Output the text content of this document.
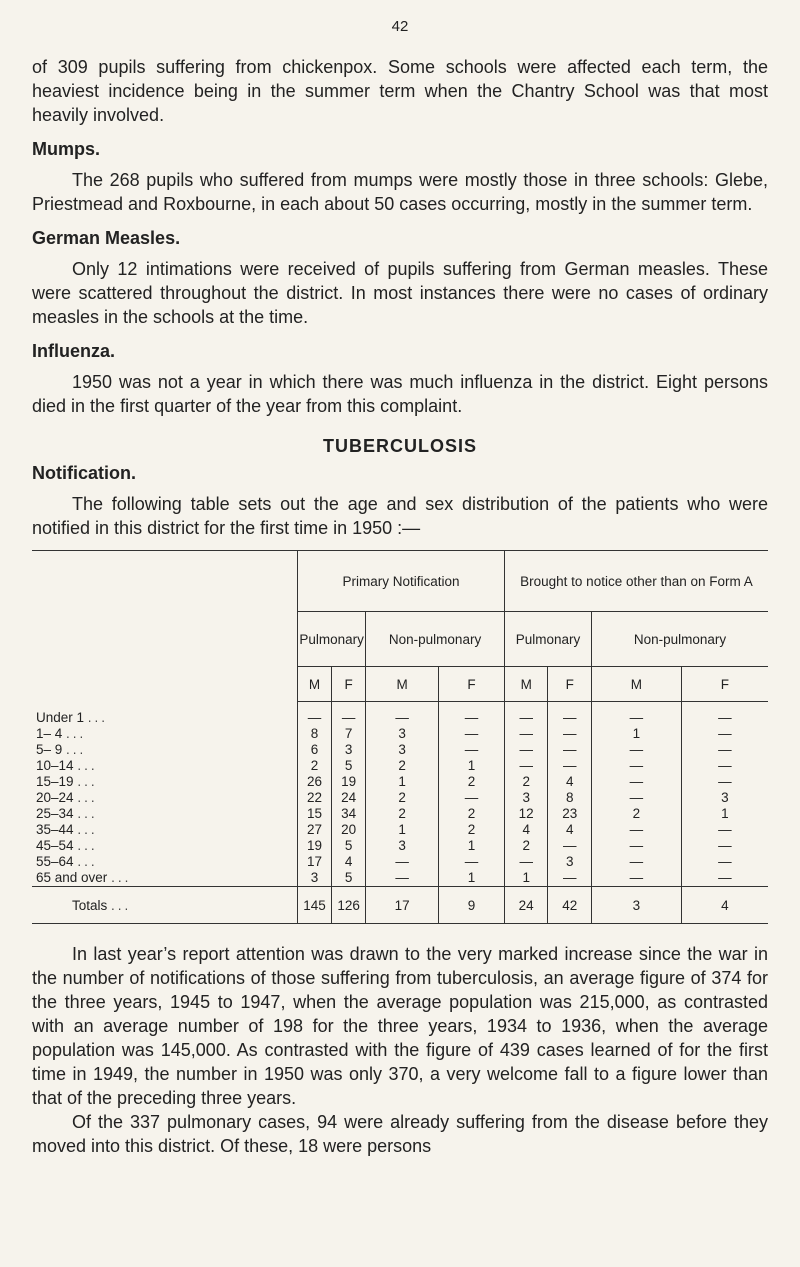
42

of 309 pupils suffering from chickenpox. Some schools were affected each term, the heaviest incidence being in the summer term when the Chantry School was that most heavily involved.

Mumps.

The 268 pupils who suffered from mumps were mostly those in three schools: Glebe, Priestmead and Roxbourne, in each about 50 cases occurring, mostly in the summer term.

German Measles.

Only 12 intimations were received of pupils suffering from German measles. These were scattered throughout the district. In most instances there were no cases of ordinary measles in the schools at the time.

Influenza.

1950 was not a year in which there was much influenza in the district. Eight persons died in the first quarter of the year from this complaint.

TUBERCULOSIS
Notification.

The following table sets out the age and sex distribution of the patients who were notified in this district for the first time in 1950 :—

	Primary Notification				Brought to notice other than on Form A			
	Pulmonary		Non-pulmonary		Pulmonary		Non-pulmonary	
	M	F	M	F	M	F	M	F
Under 1 ...	—	—	—	—	—	—	—	—
1– 4 ...	8	7	3	—	—	—	1	—
5– 9 ...	6	3	3	—	—	—	—	—
10–14 ...	2	5	2	1	—	—	—	—
15–19 ...	26	19	1	2	2	4	—	—
20–24 ...	22	24	2	—	3	8	—	3
25–34 ...	15	34	2	2	12	23	2	1
35–44 ...	27	20	1	2	4	4	—	—
45–54 ...	19	5	3	1	2	—	—	—
55–64 ...	17	4	—	—	—	3	—	—
65 and over ...	3	5	—	1	1	—	—	—
Totals ...	145	126	17	9	24	42	3	4

In last year’s report attention was drawn to the very marked increase since the war in the number of notifications of those suffering from tuberculosis, an average figure of 374 for the three years, 1945 to 1947, when the average population was 215,000, as contrasted with an average number of 198 for the three years, 1934 to 1936, when the average population was 145,000. As contrasted with the figure of 439 cases learned of for the first time in 1949, the number in 1950 was only 370, a very welcome fall to a figure lower than that of the preceding three years.

Of the 337 pulmonary cases, 94 were already suffering from the disease before they moved into this district. Of these, 18 were persons
